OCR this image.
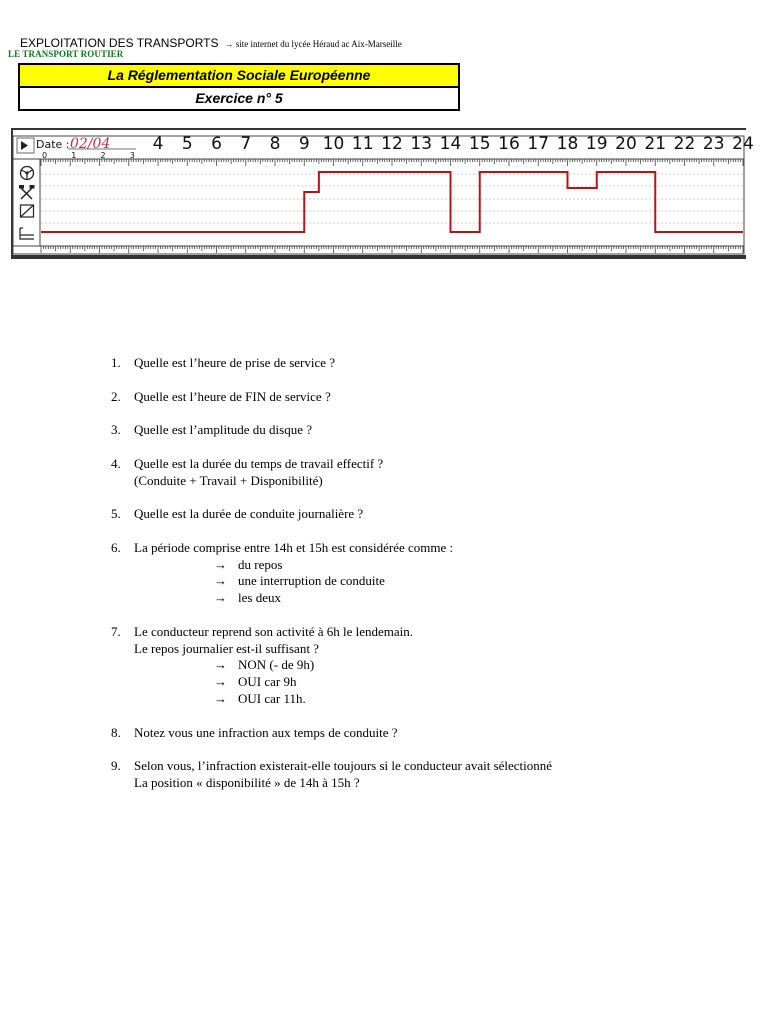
EXPLOITATION DES TRANSPORTS → site internet du lycée Héraud ac Aix-Marseille
LE TRANSPORT ROUTIER
La Réglementation Sociale Européenne
Exercice n° 5
4 5 6 7 8 9 10 11 12 13 14 15 16 17 18 19 20 21 22 23 24
Date : 02/04
0	1	2	3
1. Quelle est l’heure de prise de service ?
2. Quelle est l’heure de FIN de service ?
3. Quelle est l’amplitude du disque ?
4. Quelle est la durée du temps de travail effectif ?
(Conduite + Travail + Disponibilité)
5. Quelle est la durée de conduite journalière ?
6. La période comprise entre 14h et 15h est considérée comme :
→ du repos
→ une interruption de conduite
→ les deux
7. Le conducteur reprend son activité à 6h le lendemain.
Le repos journalier est-il suffisant ?
→ NON (- de 9h)
→ OUI car 9h
→ OUI car 11h.
8. Notez vous une infraction aux temps de conduite ?
9. Selon vous, l’infraction existerait-elle toujours si le conducteur avait sélectionné
La position « disponibilité » de 14h à 15h ?
